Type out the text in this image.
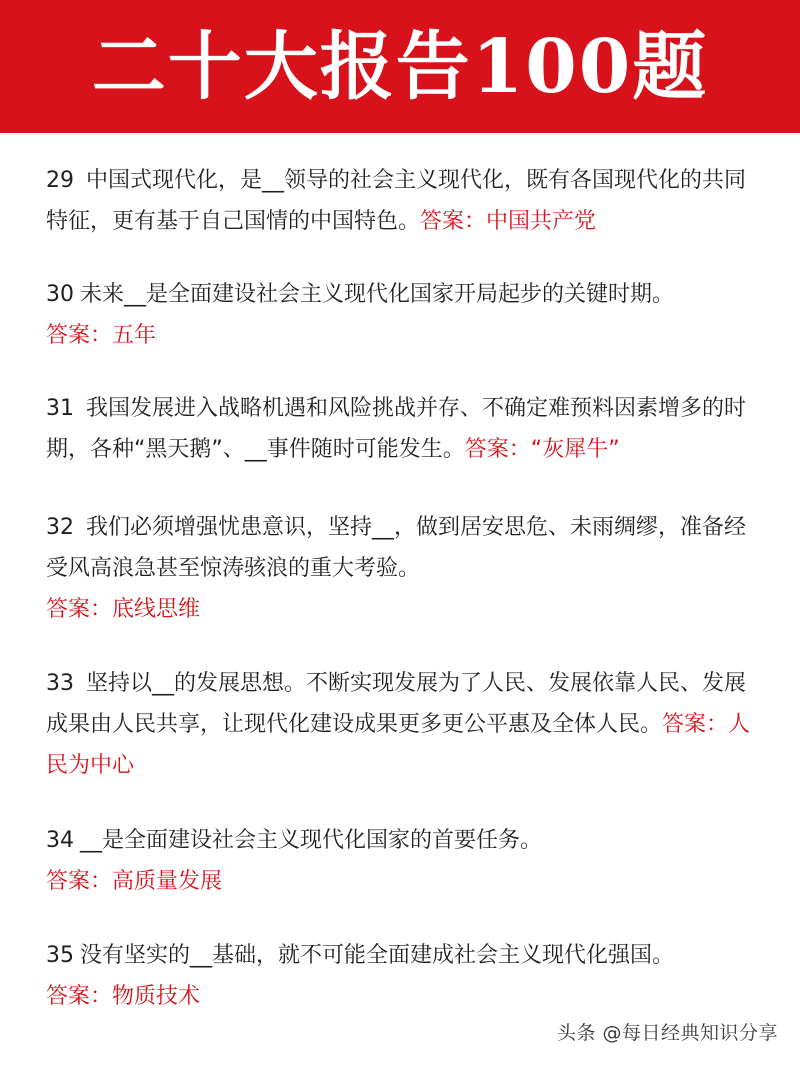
二十大报告100题

29 中国式现代化，是__领导的社会主义现代化，既有各国现代化的共同特征，更有基于自己国情的中国特色。答案：中国共产党

30 未来__是全面建设社会主义现代化国家开局起步的关键时期。
答案：五年

31 我国发展进入战略机遇和风险挑战并存、不确定难预料因素增多的时期，各种“黑天鹅”、__事件随时可能发生。答案：“灰犀牛”

32 我们必须增强忧患意识，坚持__，做到居安思危、未雨绸缪，准备经受风高浪急甚至惊涛骇浪的重大考验。
答案：底线思维

33 坚持以__的发展思想。不断实现发展为了人民、发展依靠人民、发展成果由人民共享，让现代化建设成果更多更公平惠及全体人民。答案：人民为中心

34 __是全面建设社会主义现代化国家的首要任务。
答案：高质量发展

35 没有坚实的__基础，就不可能全面建成社会主义现代化强国。
答案：物质技术

头条 @每日经典知识分享
